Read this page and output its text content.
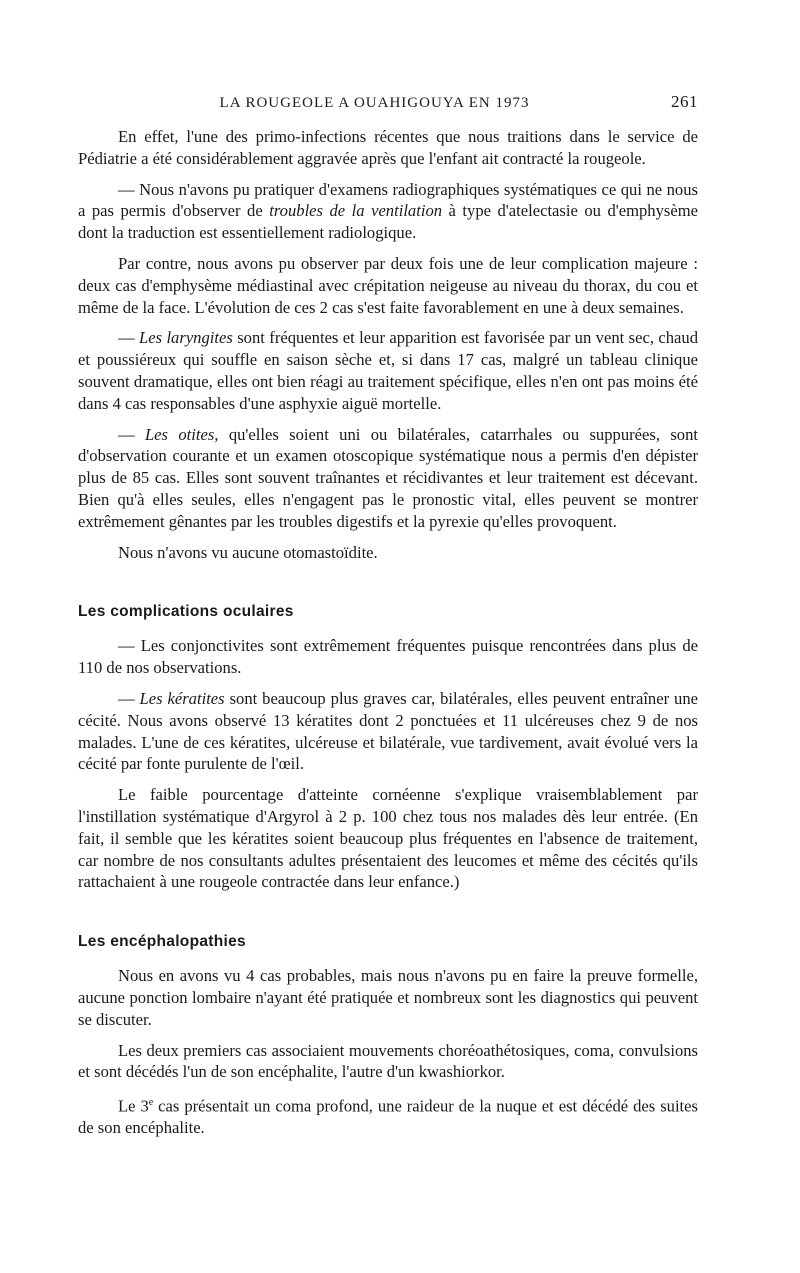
LA ROUGEOLE A OUAHIGOUYA EN 1973	261

En effet, l'une des primo-infections récentes que nous traitions dans le service de Pédiatrie a été considérablement aggravée après que l'enfant ait contracté la rougeole.

— Nous n'avons pu pratiquer d'examens radiographiques systématiques ce qui ne nous a pas permis d'observer de troubles de la ventilation à type d'atelectasie ou d'emphysème dont la traduction est essentiellement radiologique.

Par contre, nous avons pu observer par deux fois une de leur complication majeure : deux cas d'emphysème médiastinal avec crépitation neigeuse au niveau du thorax, du cou et même de la face. L'évolution de ces 2 cas s'est faite favorablement en une à deux semaines.

— Les laryngites sont fréquentes et leur apparition est favorisée par un vent sec, chaud et poussiéreux qui souffle en saison sèche et, si dans 17 cas, malgré un tableau clinique souvent dramatique, elles ont bien réagi au traitement spécifique, elles n'en ont pas moins été dans 4 cas responsables d'une asphyxie aiguë mortelle.

— Les otites, qu'elles soient uni ou bilatérales, catarrhales ou suppurées, sont d'observation courante et un examen otoscopique systématique nous a permis d'en dépister plus de 85 cas. Elles sont souvent traînantes et récidivantes et leur traitement est décevant. Bien qu'à elles seules, elles n'engagent pas le pronostic vital, elles peuvent se montrer extrêmement gênantes par les troubles digestifs et la pyrexie qu'elles provoquent.

Nous n'avons vu aucune otomastoïdite.

Les complications oculaires

— Les conjonctivites sont extrêmement fréquentes puisque rencontrées dans plus de 110 de nos observations.

— Les kératites sont beaucoup plus graves car, bilatérales, elles peuvent entraîner une cécité. Nous avons observé 13 kératites dont 2 ponctuées et 11 ulcéreuses chez 9 de nos malades. L'une de ces kératites, ulcéreuse et bilatérale, vue tardivement, avait évolué vers la cécité par fonte purulente de l'œil.

Le faible pourcentage d'atteinte cornéenne s'explique vraisemblablement par l'instillation systématique d'Argyrol à 2 p. 100 chez tous nos malades dès leur entrée. (En fait, il semble que les kératites soient beaucoup plus fréquentes en l'absence de traitement, car nombre de nos consultants adultes présentaient des leucomes et même des cécités qu'ils rattachaient à une rougeole contractée dans leur enfance.)

Les encéphalopathies

Nous en avons vu 4 cas probables, mais nous n'avons pu en faire la preuve formelle, aucune ponction lombaire n'ayant été pratiquée et nombreux sont les diagnostics qui peuvent se discuter.

Les deux premiers cas associaient mouvements choréoathétosiques, coma, convulsions et sont décédés l'un de son encéphalite, l'autre d'un kwashiorkor.

Le 3e cas présentait un coma profond, une raideur de la nuque et est décédé des suites de son encéphalite.
